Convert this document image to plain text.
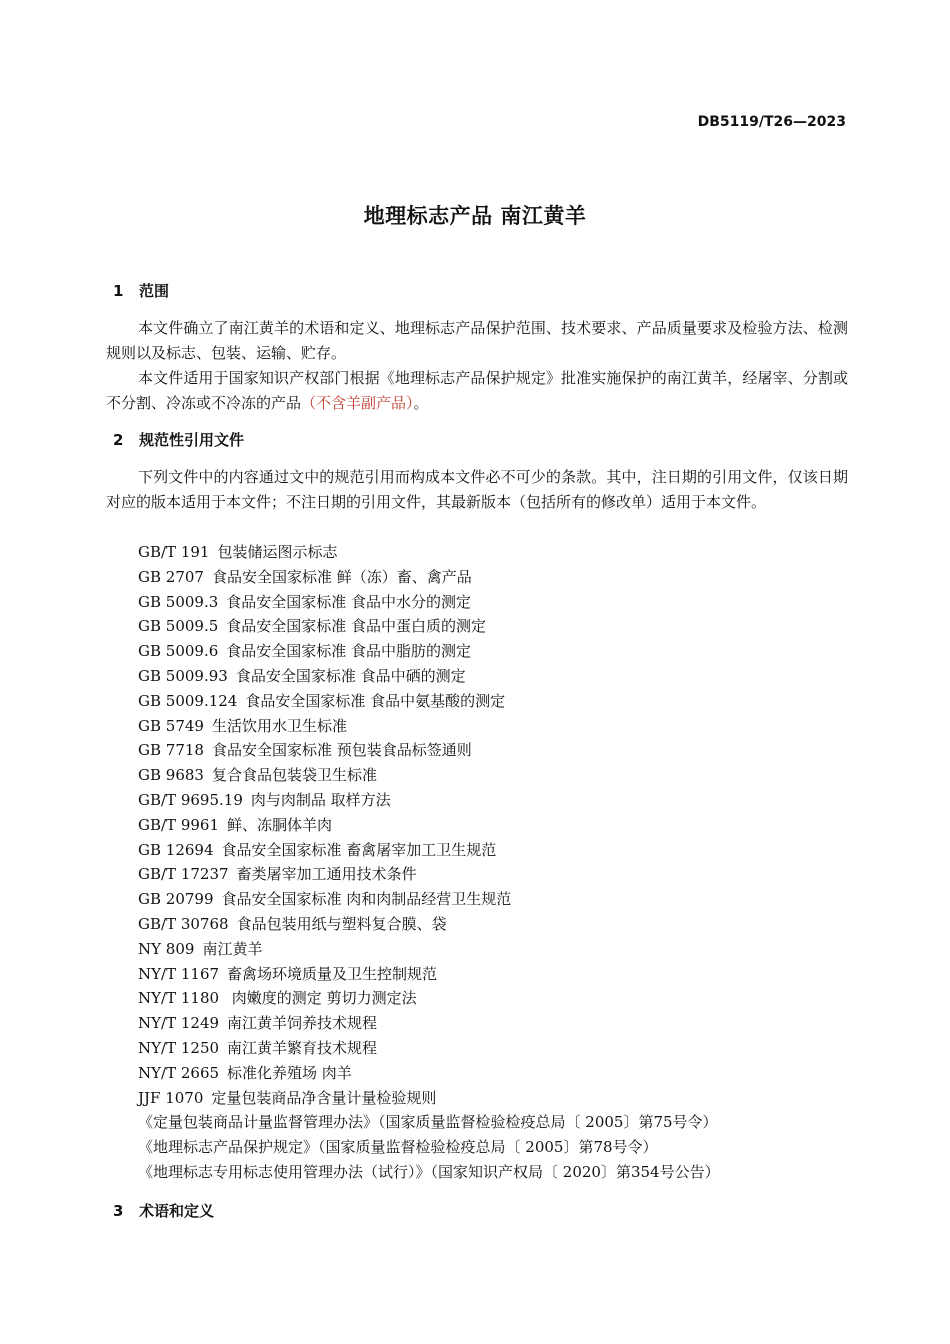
DB5119/T26—2023
地理标志产品 南江黄羊
1 范围
本文件确立了南江黄羊的术语和定义、地理标志产品保护范围、技术要求、产品质量要求及检验方法、检测规则以及标志、包装、运输、贮存。
本文件适用于国家知识产权部门根据《地理标志产品保护规定》批准实施保护的南江黄羊，经屠宰、分割或不分割、冷冻或不冷冻的产品（不含羊副产品）。
2 规范性引用文件
下列文件中的内容通过文中的规范引用而构成本文件必不可少的条款。其中，注日期的引用文件，仅该日期对应的版本适用于本文件；不注日期的引用文件，其最新版本（包括所有的修改单）适用于本文件。
GB/T 191 包装储运图示标志
GB 2707 食品安全国家标准 鲜（冻）畜、禽产品
GB 5009.3 食品安全国家标准 食品中水分的测定
GB 5009.5 食品安全国家标准 食品中蛋白质的测定
GB 5009.6 食品安全国家标准 食品中脂肪的测定
GB 5009.93 食品安全国家标准 食品中硒的测定
GB 5009.124 食品安全国家标准 食品中氨基酸的测定
GB 5749 生活饮用水卫生标准
GB 7718 食品安全国家标准 预包装食品标签通则
GB 9683 复合食品包装袋卫生标准
GB/T 9695.19 肉与肉制品 取样方法
GB/T 9961 鲜、冻胴体羊肉
GB 12694 食品安全国家标准 畜禽屠宰加工卫生规范
GB/T 17237 畜类屠宰加工通用技术条件
GB 20799 食品安全国家标准 肉和肉制品经营卫生规范
GB/T 30768 食品包装用纸与塑料复合膜、袋
NY 809 南江黄羊
NY/T 1167 畜禽场环境质量及卫生控制规范
NY/T 1180 肉嫩度的测定 剪切力测定法
NY/T 1249 南江黄羊饲养技术规程
NY/T 1250 南江黄羊繁育技术规程
NY/T 2665 标准化养殖场 肉羊
JJF 1070 定量包装商品净含量计量检验规则
《定量包装商品计量监督管理办法》（国家质量监督检验检疫总局〔 2005〕第75号令）
《地理标志产品保护规定》（国家质量监督检验检疫总局〔 2005〕第78号令）
《地理标志专用标志使用管理办法（试行）》（国家知识产权局〔 2020〕第354号公告）
3 术语和定义
